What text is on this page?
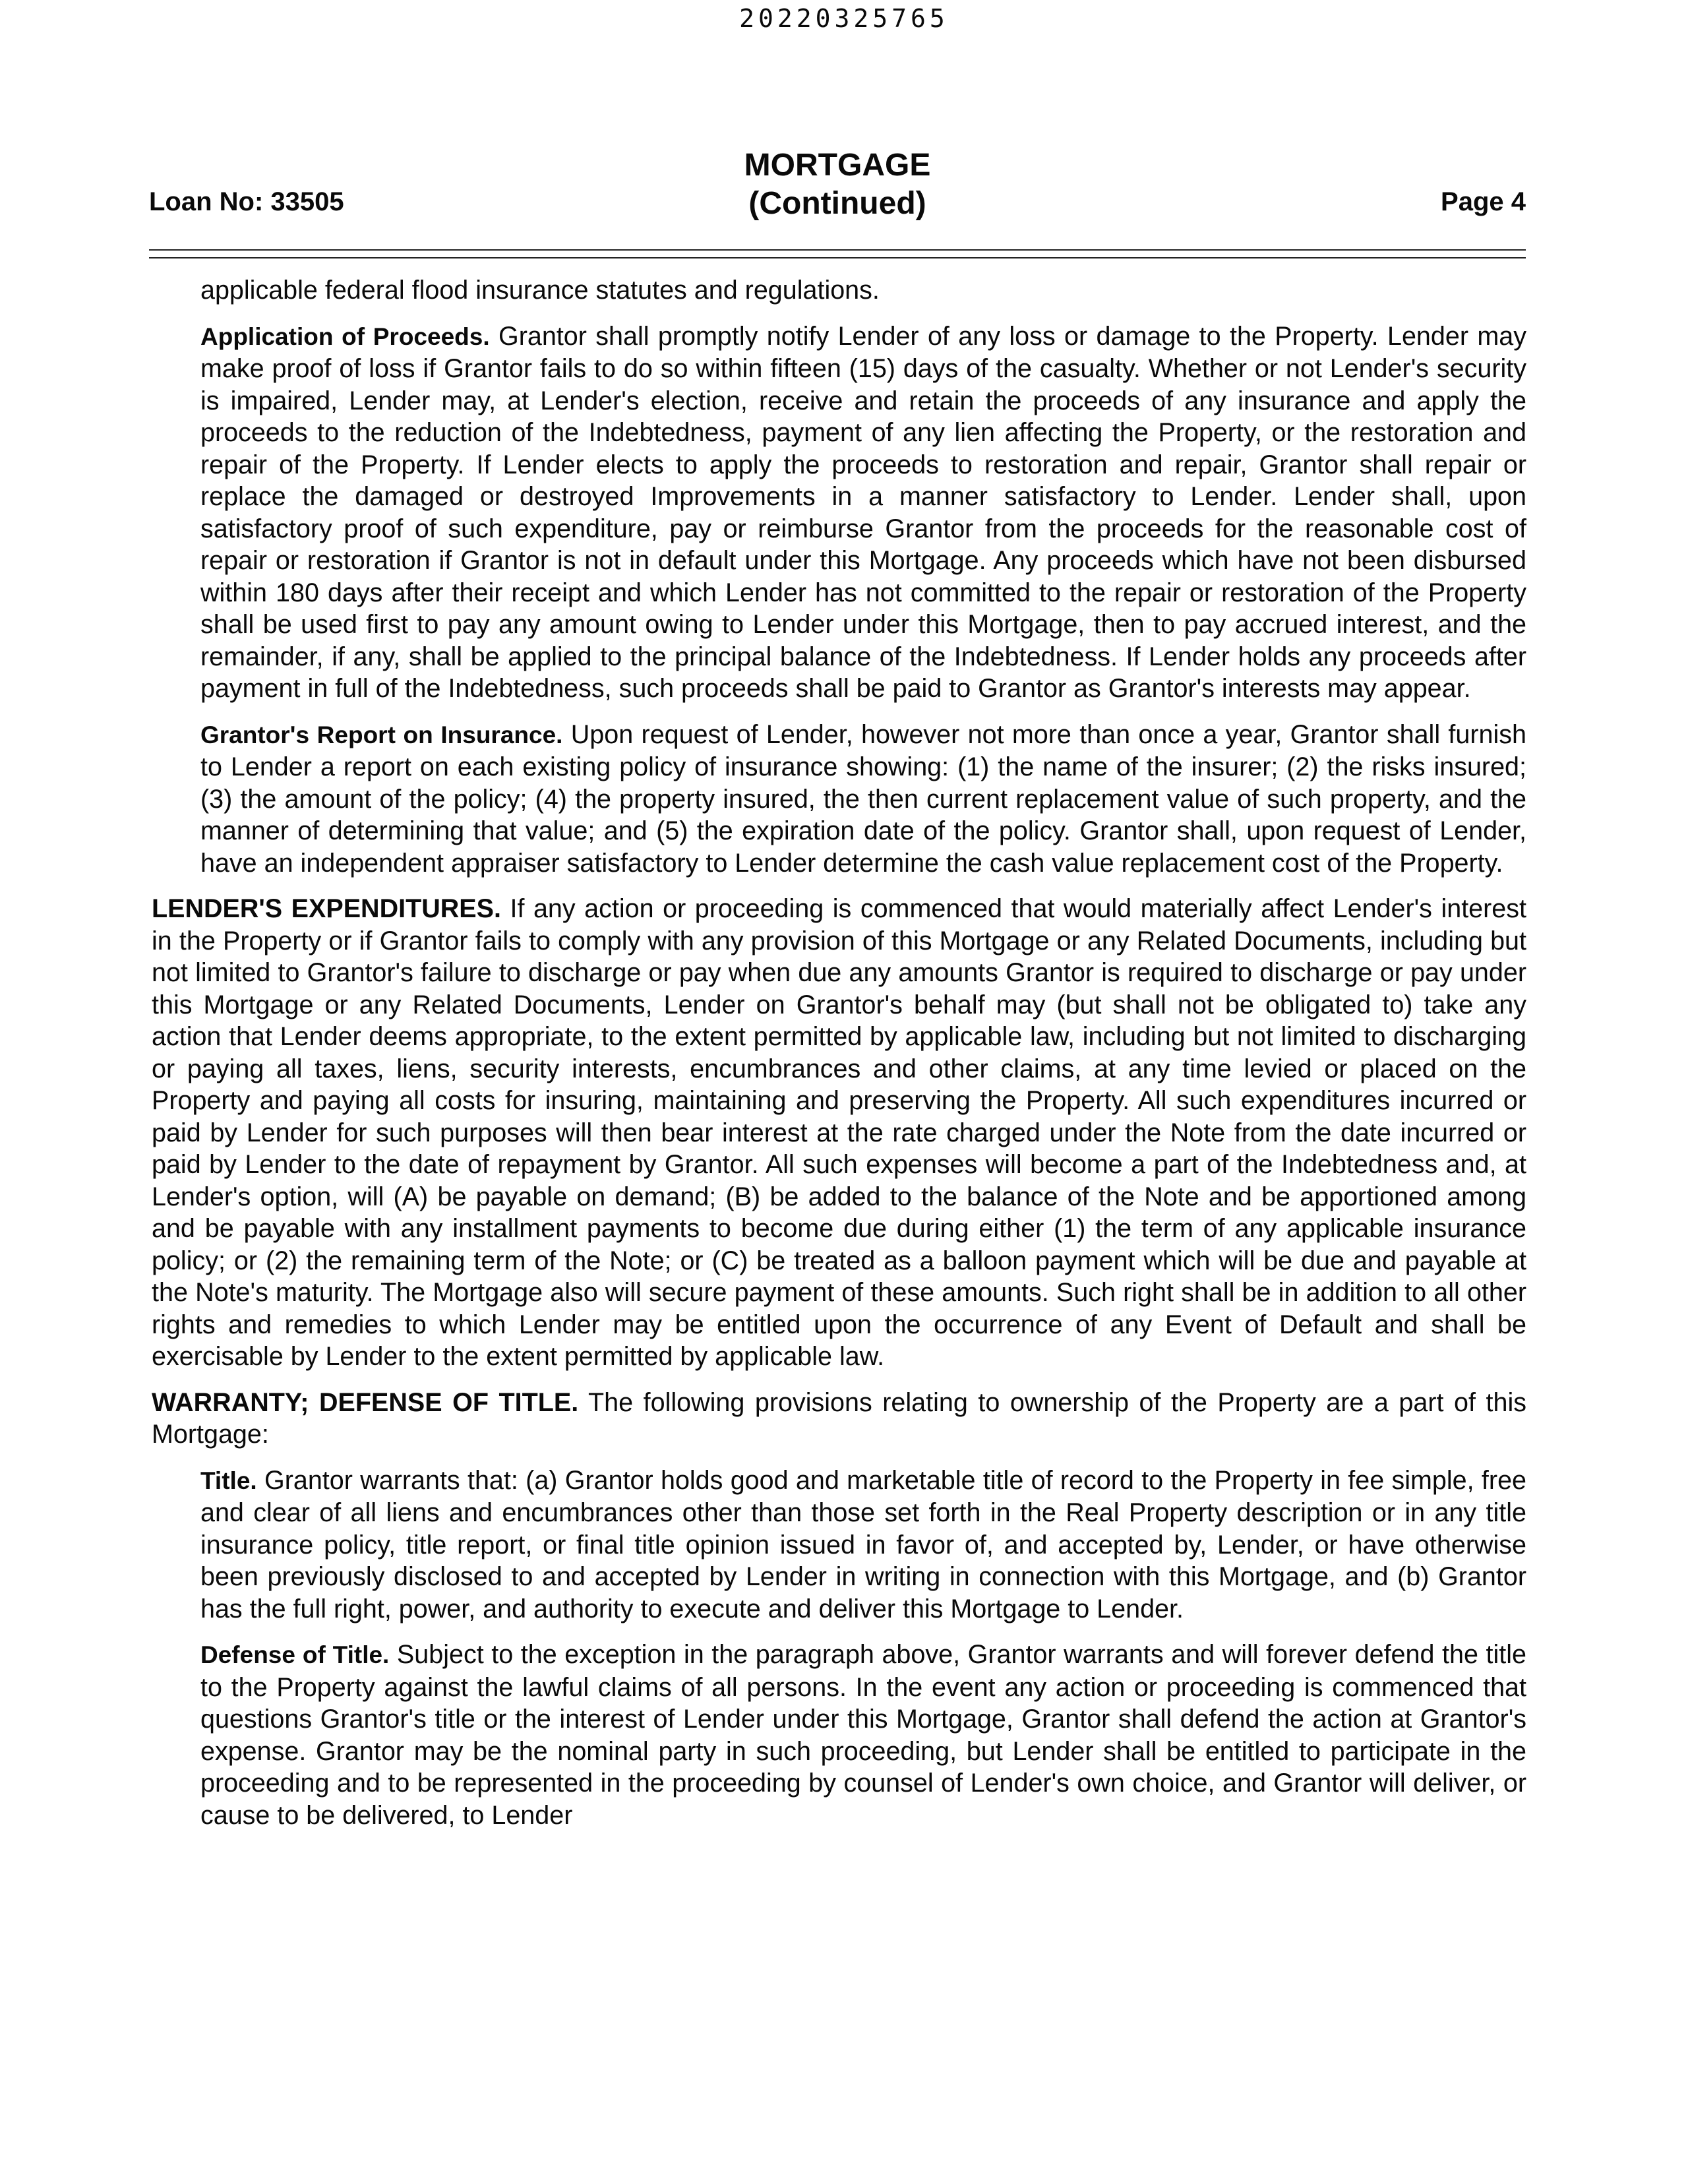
20220325765
Loan No: 33505
MORTGAGE
(Continued)	Page 4

applicable federal flood insurance statutes and regulations.

Application of Proceeds. Grantor shall promptly notify Lender of any loss or damage to the Property. Lender may make proof of loss if Grantor fails to do so within fifteen (15) days of the casualty. Whether or not Lender's security is impaired, Lender may, at Lender's election, receive and retain the proceeds of any insurance and apply the proceeds to the reduction of the Indebtedness, payment of any lien affecting the Property, or the restoration and repair of the Property. If Lender elects to apply the proceeds to restoration and repair, Grantor shall repair or replace the damaged or destroyed Improvements in a manner satisfactory to Lender. Lender shall, upon satisfactory proof of such expenditure, pay or reimburse Grantor from the proceeds for the reasonable cost of repair or restoration if Grantor is not in default under this Mortgage. Any proceeds which have not been disbursed within 180 days after their receipt and which Lender has not committed to the repair or restoration of the Property shall be used first to pay any amount owing to Lender under this Mortgage, then to pay accrued interest, and the remainder, if any, shall be applied to the principal balance of the Indebtedness. If Lender holds any proceeds after payment in full of the Indebtedness, such proceeds shall be paid to Grantor as Grantor's interests may appear.

Grantor's Report on Insurance. Upon request of Lender, however not more than once a year, Grantor shall furnish to Lender a report on each existing policy of insurance showing: (1) the name of the insurer; (2) the risks insured; (3) the amount of the policy; (4) the property insured, the then current replacement value of such property, and the manner of determining that value; and (5) the expiration date of the policy. Grantor shall, upon request of Lender, have an independent appraiser satisfactory to Lender determine the cash value replacement cost of the Property.

LENDER'S EXPENDITURES. If any action or proceeding is commenced that would materially affect Lender's interest in the Property or if Grantor fails to comply with any provision of this Mortgage or any Related Documents, including but not limited to Grantor's failure to discharge or pay when due any amounts Grantor is required to discharge or pay under this Mortgage or any Related Documents, Lender on Grantor's behalf may (but shall not be obligated to) take any action that Lender deems appropriate, to the extent permitted by applicable law, including but not limited to discharging or paying all taxes, liens, security interests, encumbrances and other claims, at any time levied or placed on the Property and paying all costs for insuring, maintaining and preserving the Property. All such expenditures incurred or paid by Lender for such purposes will then bear interest at the rate charged under the Note from the date incurred or paid by Lender to the date of repayment by Grantor. All such expenses will become a part of the Indebtedness and, at Lender's option, will (A) be payable on demand; (B) be added to the balance of the Note and be apportioned among and be payable with any installment payments to become due during either (1) the term of any applicable insurance policy; or (2) the remaining term of the Note; or (C) be treated as a balloon payment which will be due and payable at the Note's maturity. The Mortgage also will secure payment of these amounts. Such right shall be in addition to all other rights and remedies to which Lender may be entitled upon the occurrence of any Event of Default and shall be exercisable by Lender to the extent permitted by applicable law.

WARRANTY; DEFENSE OF TITLE. The following provisions relating to ownership of the Property are a part of this Mortgage:

Title. Grantor warrants that: (a) Grantor holds good and marketable title of record to the Property in fee simple, free and clear of all liens and encumbrances other than those set forth in the Real Property description or in any title insurance policy, title report, or final title opinion issued in favor of, and accepted by, Lender, or have otherwise been previously disclosed to and accepted by Lender in writing in connection with this Mortgage, and (b) Grantor has the full right, power, and authority to execute and deliver this Mortgage to Lender.

Defense of Title. Subject to the exception in the paragraph above, Grantor warrants and will forever defend the title to the Property against the lawful claims of all persons. In the event any action or proceeding is commenced that questions Grantor's title or the interest of Lender under this Mortgage, Grantor shall defend the action at Grantor's expense. Grantor may be the nominal party in such proceeding, but Lender shall be entitled to participate in the proceeding and to be represented in the proceeding by counsel of Lender's own choice, and Grantor will deliver, or cause to be delivered, to Lender
